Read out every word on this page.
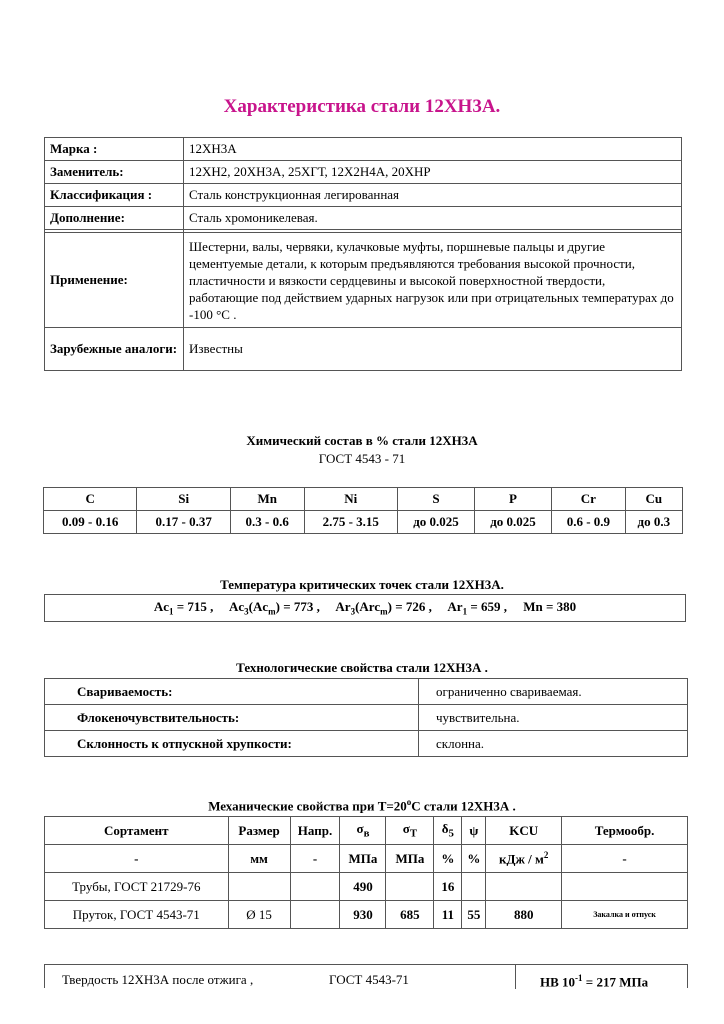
Характеристика стали 12ХН3А.
Марка :	12ХН3А
Заменитель:	12ХН2, 20ХН3А, 25ХГТ, 12Х2Н4А, 20ХНР
Классификация :	Сталь конструкционная легированная
Дополнение:	Сталь хромоникелевая.

Применение:	Шестерни, валы, червяки, кулачковые муфты, поршневые пальцы и другие цементуемые детали, к которым предъявляются требования высокой прочности, пластичности и вязкости сердцевины и высокой поверхностной твердости, работающие под действием ударных нагрузок или при отрицательных температурах до -100 °С .
Зарубежные аналоги:	Известны
Химический состав в % стали 12ХН3А
ГОСТ 4543 - 71
C	Si	Mn	Ni	S	P	Cr	Cu
0.09 - 0.16	0.17 - 0.37	0.3 - 0.6	2.75 - 3.15	до 0.025	до 0.025	0.6 - 0.9	до 0.3
Температура критических точек стали 12ХН3А.
$Ac_1 = 715$ , $Ac_3(Ac_m) = 773$ , $Ar_3(Arc_m) = 726$ , $Ar_1 = 659$ , Mn = 380
Технологические свойства стали 12ХН3А .
Свариваемость:	ограниченно свариваемая.
Флокеночувствительность:	чувствительна.
Склонность к отпускной хрупкости:	склонна.
Механические свойства при $Т=20^oС$ стали 12ХН3А .
Сортамент	Размер	Напр.	$\sigma_в$	$\sigma_T$	$\delta_5$	ψ	KCU	Термообр.
-	мм	-	МПа	МПа	%	%	кДж / $м^2$	-
Трубы, ГОСТ 21729-76			490		16			
Пруток, ГОСТ 4543-71	Ø 15		930	685	11	55	880	Закалка и отпуск
Твердость 12ХН3А после отжига ,	ГОСТ 4543-71	НВ $10^{-1} = 217$ МПа
